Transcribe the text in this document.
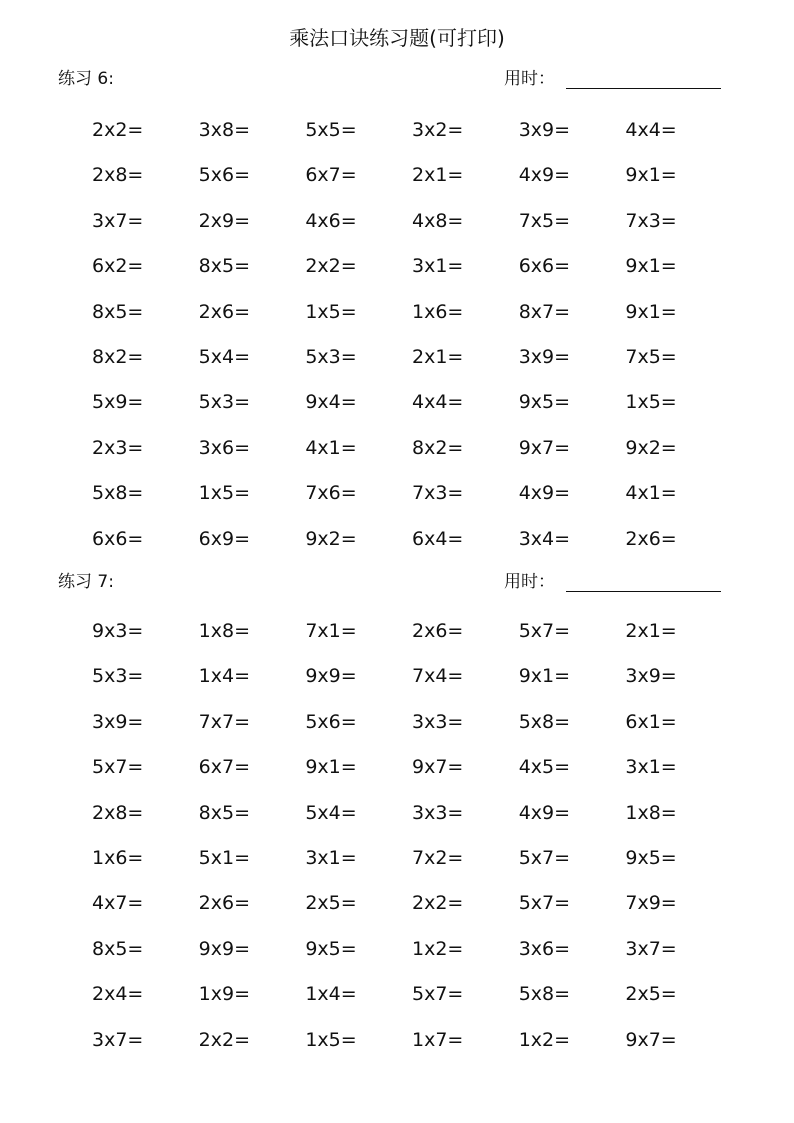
乘法口诀练习题(可打印)
练习 6:	用时：
2x2=	3x8=	5x5=	3x2=	3x9=	4x4=
2x8=	5x6=	6x7=	2x1=	4x9=	9x1=
3x7=	2x9=	4x6=	4x8=	7x5=	7x3=
6x2=	8x5=	2x2=	3x1=	6x6=	9x1=
8x5=	2x6=	1x5=	1x6=	8x7=	9x1=
8x2=	5x4=	5x3=	2x1=	3x9=	7x5=
5x9=	5x3=	9x4=	4x4=	9x5=	1x5=
2x3=	3x6=	4x1=	8x2=	9x7=	9x2=
5x8=	1x5=	7x6=	7x3=	4x9=	4x1=
6x6=	6x9=	9x2=	6x4=	3x4=	2x6=
练习 7:	用时：
9x3=	1x8=	7x1=	2x6=	5x7=	2x1=
5x3=	1x4=	9x9=	7x4=	9x1=	3x9=
3x9=	7x7=	5x6=	3x3=	5x8=	6x1=
5x7=	6x7=	9x1=	9x7=	4x5=	3x1=
2x8=	8x5=	5x4=	3x3=	4x9=	1x8=
1x6=	5x1=	3x1=	7x2=	5x7=	9x5=
4x7=	2x6=	2x5=	2x2=	5x7=	7x9=
8x5=	9x9=	9x5=	1x2=	3x6=	3x7=
2x4=	1x9=	1x4=	5x7=	5x8=	2x5=
3x7=	2x2=	1x5=	1x7=	1x2=	9x7=
